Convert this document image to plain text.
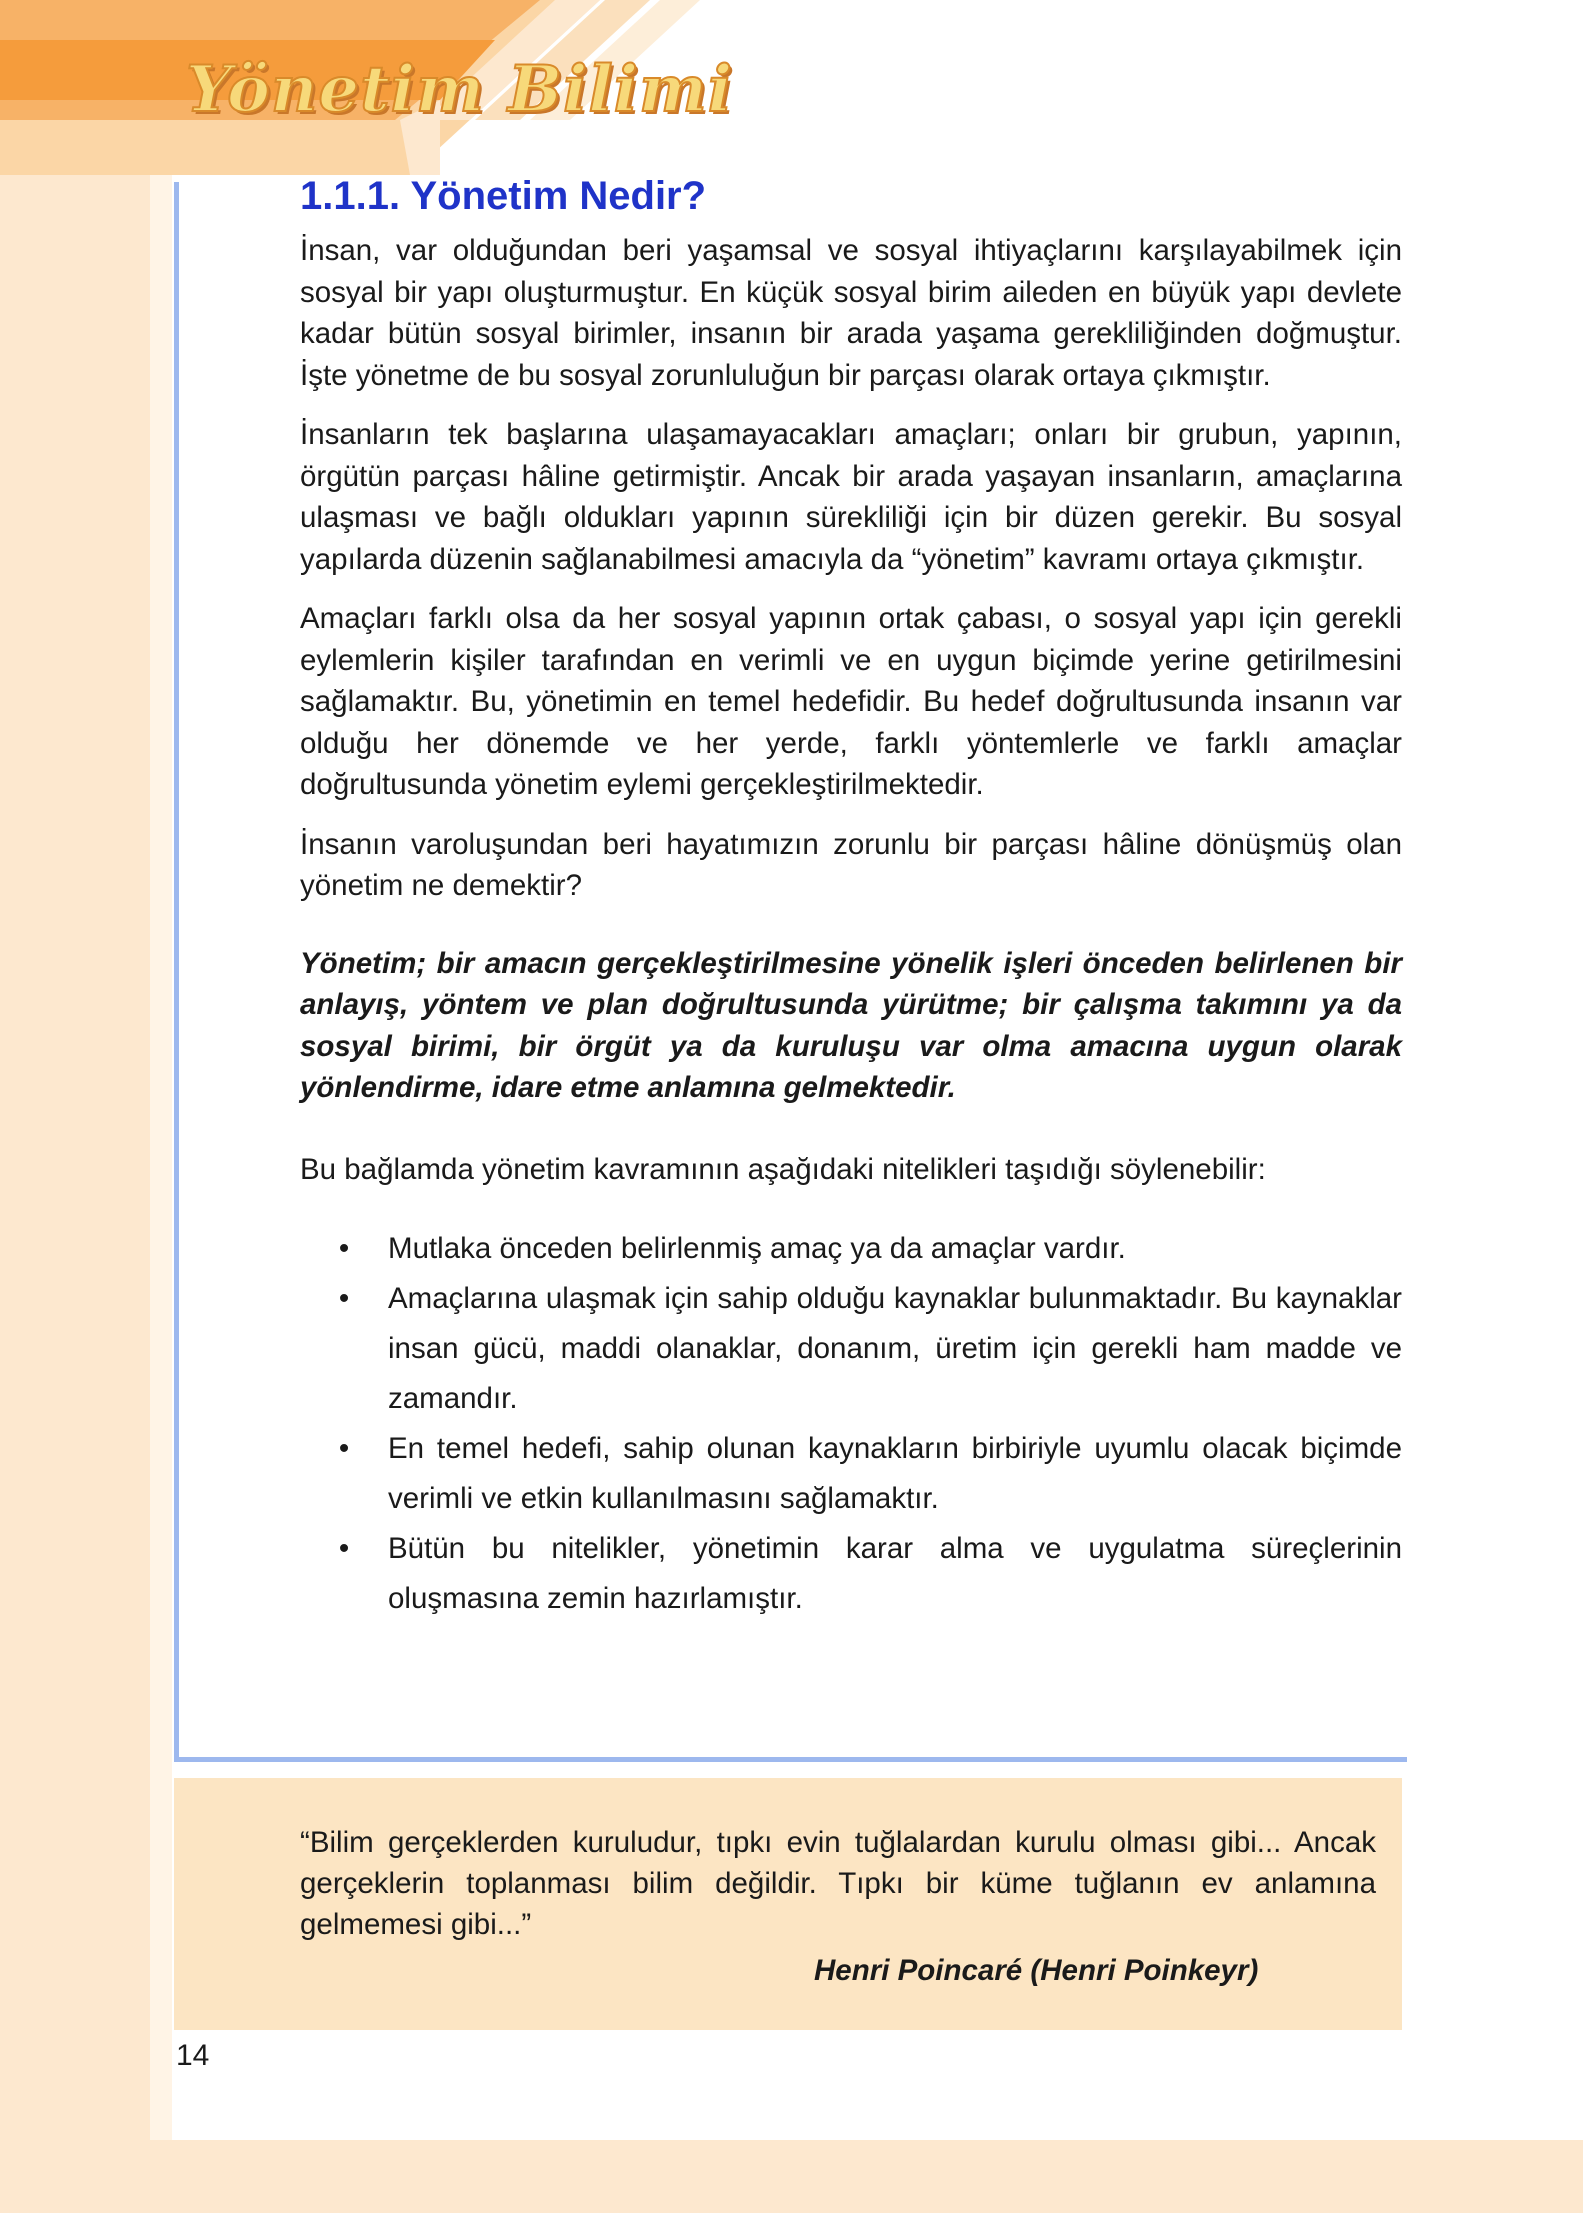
Yönetim Bilimi
1.1.1. Yönetim Nedir?

İnsan, var olduğundan beri yaşamsal ve sosyal ihtiyaçlarını karşılayabilmek için sosyal bir yapı oluşturmuştur. En küçük sosyal birim aileden en büyük yapı devlete kadar bütün sosyal birimler, insanın bir arada yaşama gerekliliğinden doğmuştur. İşte yönetme de bu sosyal zorunluluğun bir parçası olarak ortaya çıkmıştır.

İnsanların tek başlarına ulaşamayacakları amaçları; onları bir grubun, yapının, örgütün parçası hâline getirmiştir. Ancak bir arada yaşayan insanların, amaçlarına ulaşması ve bağlı oldukları yapının sürekliliği için bir düzen gerekir. Bu sosyal yapılarda düzenin sağlanabilmesi amacıyla da “yönetim” kavramı ortaya çıkmıştır.

Amaçları farklı olsa da her sosyal yapının ortak çabası, o sosyal yapı için gerekli eylemlerin kişiler tarafından en verimli ve en uygun biçimde yerine getirilmesini sağlamaktır. Bu, yönetimin en temel hedefidir. Bu hedef doğrultusunda insanın var olduğu her dönemde ve her yerde, farklı yöntemlerle ve farklı amaçlar doğrultusunda yönetim eylemi gerçekleştirilmektedir.

İnsanın varoluşundan beri hayatımızın zorunlu bir parçası hâline dönüşmüş olan yönetim ne demektir?

Yönetim; bir amacın gerçekleştirilmesine yönelik işleri önceden belirlenen bir anlayış, yöntem ve plan doğrultusunda yürütme; bir çalışma takımını ya da sosyal birimi, bir örgüt ya da kuruluşu var olma amacına uygun olarak yönlendirme, idare etme anlamına gelmektedir.

Bu bağlamda yönetim kavramının aşağıdaki nitelikleri taşıdığı söylenebilir:

• Mutlaka önceden belirlenmiş amaç ya da amaçlar vardır.
• Amaçlarına ulaşmak için sahip olduğu kaynaklar bulunmaktadır. Bu kaynaklar insan gücü, maddi olanaklar, donanım, üretim için gerekli ham madde ve zamandır.
• En temel hedefi, sahip olunan kaynakların birbiriyle uyumlu olacak biçimde verimli ve etkin kullanılmasını sağlamaktır.
• Bütün bu nitelikler, yönetimin karar alma ve uygulatma süreçlerinin oluşmasına zemin hazırlamıştır.
“Bilim gerçeklerden kuruludur, tıpkı evin tuğlalardan kurulu olması gibi... Ancak gerçeklerin toplanması bilim değildir. Tıpkı bir küme tuğlanın ev anlamına gelmemesi gibi...”
Henri Poincaré (Henri Poinkeyr)
14
